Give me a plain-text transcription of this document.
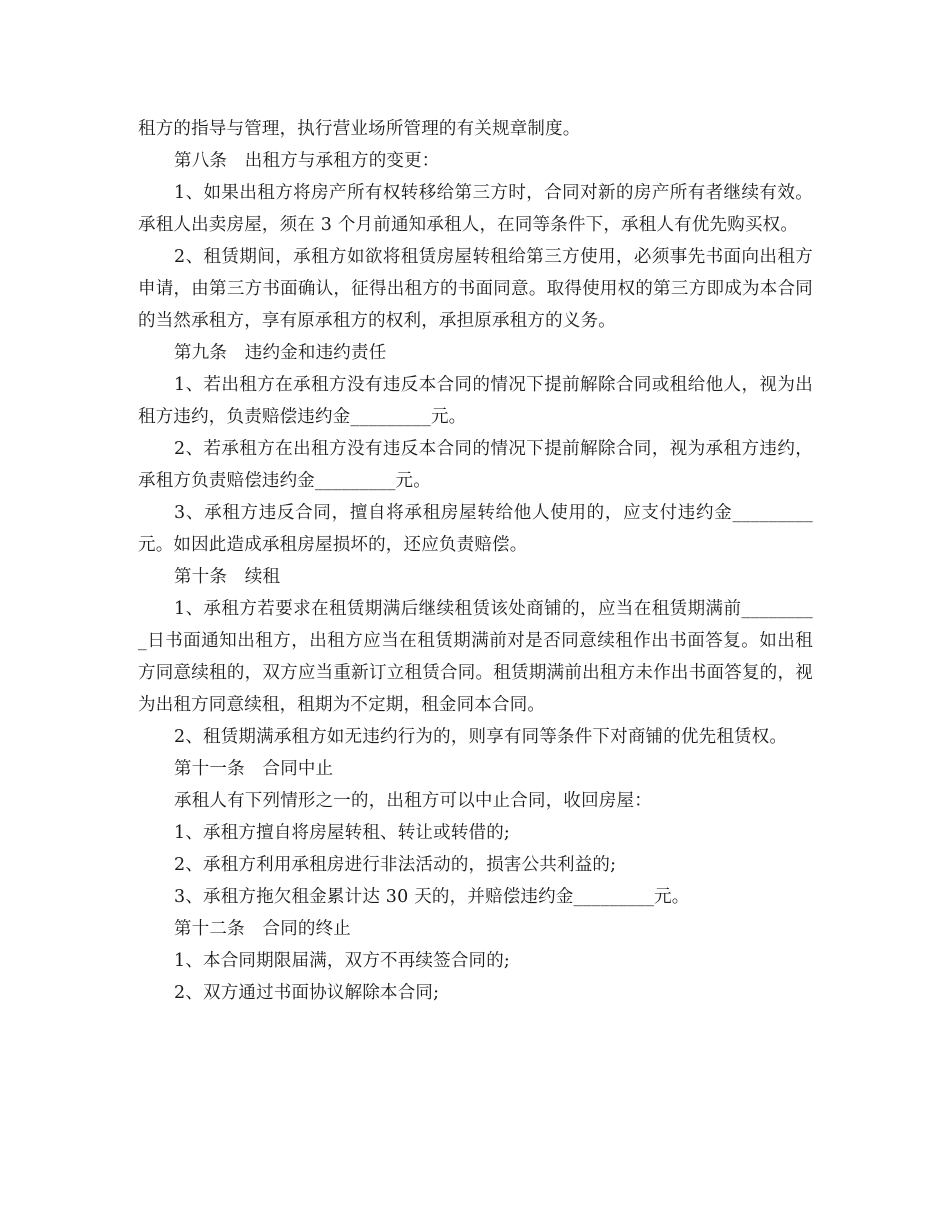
租方的指导与管理，执行营业场所管理的有关规章制度。

第八条　出租方与承租方的变更：

1、如果出租方将房产所有权转移给第三方时，合同对新的房产所有者继续有效。承租人出卖房屋，须在 3 个月前通知承租人，在同等条件下，承租人有优先购买权。

2、租赁期间，承租方如欲将租赁房屋转租给第三方使用，必须事先书面向出租方申请，由第三方书面确认，征得出租方的书面同意。取得使用权的第三方即成为本合同的当然承租方，享有原承租方的权利，承担原承租方的义务。

第九条　违约金和违约责任

1、若出租方在承租方没有违反本合同的情况下提前解除合同或租给他人，视为出租方违约，负责赔偿违约金_________元。

2、若承租方在出租方没有违反本合同的情况下提前解除合同，视为承租方违约，承租方负责赔偿违约金_________元。

3、承租方违反合同，擅自将承租房屋转给他人使用的，应支付违约金_________元。如因此造成承租房屋损坏的，还应负责赔偿。

第十条　续租

1、承租方若要求在租赁期满后继续租赁该处商铺的，应当在租赁期满前_________日书面通知出租方，出租方应当在租赁期满前对是否同意续租作出书面答复。如出租方同意续租的，双方应当重新订立租赁合同。租赁期满前出租方未作出书面答复的，视为出租方同意续租，租期为不定期，租金同本合同。

2、租赁期满承租方如无违约行为的，则享有同等条件下对商铺的优先租赁权。

第十一条　合同中止

承租人有下列情形之一的，出租方可以中止合同，收回房屋：

1、承租方擅自将房屋转租、转让或转借的;

2、承租方利用承租房进行非法活动的，损害公共利益的;

3、承租方拖欠租金累计达 30 天的，并赔偿违约金_________元。

第十二条　合同的终止

1、本合同期限届满，双方不再续签合同的;

2、双方通过书面协议解除本合同;
